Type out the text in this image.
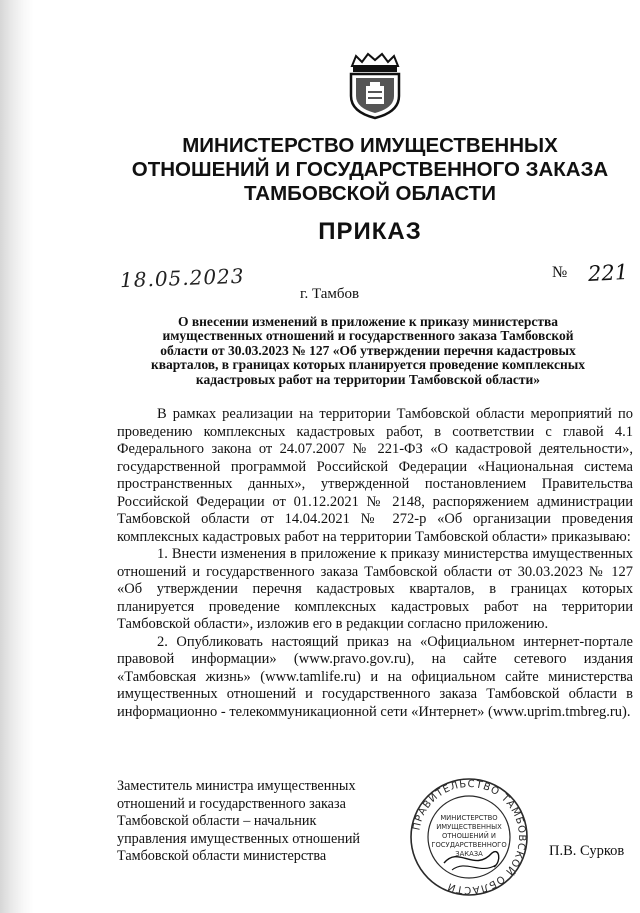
МИНИСТЕРСТВО ИМУЩЕСТВЕННЫХ
ОТНОШЕНИЙ И ГОСУДАРСТВЕННОГО ЗАКАЗА
ТАМБОВСКОЙ ОБЛАСТИ
ПРИКАЗ
18.05.2023	№ 221
г. Тамбов
О внесении изменений в приложение к приказу министерства
имущественных отношений и государственного заказа Тамбовской
области от 30.03.2023 № 127 «Об утверждении перечня кадастровых
кварталов, в границах которых планируется проведение комплексных
кадастровых работ на территории Тамбовской области»

В рамках реализации на территории Тамбовской области мероприятий по проведению комплексных кадастровых работ, в соответствии с главой 4.1 Федерального закона от 24.07.2007 № 221-ФЗ «О кадастровой деятельности», государственной программой Российской Федерации «Национальная система пространственных данных», утвержденной постановлением Правительства Российской Федерации от 01.12.2021 № 2148, распоряжением администрации Тамбовской области от 14.04.2021 № 272-р «Об организации проведения комплексных кадастровых работ на территории Тамбовской области» приказываю:

1. Внести изменения в приложение к приказу министерства имущественных отношений и государственного заказа Тамбовской области от 30.03.2023 № 127 «Об утверждении перечня кадастровых кварталов, в границах которых планируется проведение комплексных кадастровых работ на территории Тамбовской области», изложив его в редакции согласно приложению.

2. Опубликовать настоящий приказ на «Официальном интернет-портале правовой информации» (www.pravo.gov.ru), на сайте сетевого издания «Тамбовская жизнь» (www.tamlife.ru) и на официальном сайте министерства имущественных отношений и государственного заказа Тамбовской области в информационно - телекоммуникационной сети «Интернет» (www.uprim.tmbreg.ru).

Заместитель министра имущественных
отношений и государственного заказа
Тамбовской области – начальник
управления имущественных отношений
Тамбовской области министерства
ПРАВИТЕЛЬСТВО ТАМБОВСКОЙ ОБЛАСТИ
МИНИСТЕРСТВО
ИМУЩЕСТВЕННЫХ
ОТНОШЕНИЙ И
ГОСУДАРСТВЕННОГО
ЗАКАЗА	П.В. Сурков
